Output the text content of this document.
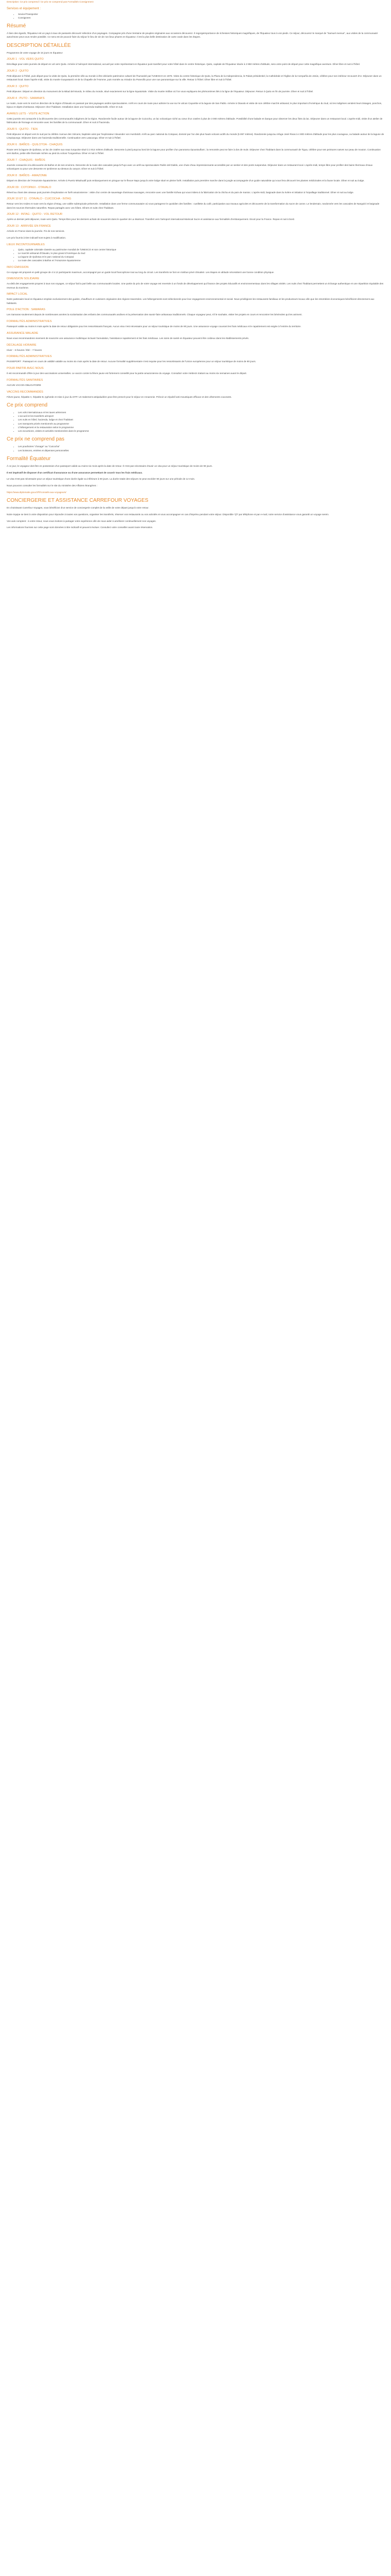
Description: Ce prix comprend / Ce prix ne comprend pas Formalités Consignment

Services et équipement :

• Sevice/Transporter
• Consignees
Résumé

À bien des égards, l'Équateur est un pays à taux de passants découvrir sélection d'un paysages. Compagnie pris d'une trentaine de peuples originaires aux occasions découvrez. Il regorgeimportance de richesses historiques magnifiques, de l'Équateur tous à vos pieds. Ce séjour, découvrez le marqué de "Samuel Avenue", aux visites de la communauté autochtone peut vous rendre possible. Ce sera est de pouvoir faire du séjour le lieu de vie de nos lieux phares en Équateur. Il est la plus belle destination de carte ovale dans les étapes.

DESCRIPTION DÉTAILLÉE

Programme de votre voyage de 15 jours en Équateur

JOUR 1 : VOL VERS QUITO

Décollage pour votre journée de départ en vol vers Quito. Arrivée à l'aéroport international, accueil par votre représentant en Équateur puis transfert pour votre hôtel dans le centre historique. Quito, capitale de l'Équateur située à 2 850 mètres d'altitude, sera votre point de départ pour cette magnifique aventure. Dîner libre et nuit à l'hôtel.

JOUR 2 : QUITO

Petit déjeuner à l'hôtel, puis départ pour la visite de Quito, la première ville au monde à être déclarée patrimoine culturel de l'humanité par l'UNESCO en 1978. Visite du centre historique de Quito, la Plaza de la Independencia, le Palais présidentiel, la Cathédrale et l'église de la Compañía de Jesús, célèbre pour son intérieur recouvert d'or. Déjeuner dans un restaurant local. Dans l'après-midi, visite du musée Guayasamín et de la Chapelle de l'Homme, puis montée au mirador du Panecillo pour une vue panoramique sur la ville. Retour à l'hôtel. Dîner libre et nuit à l'hôtel.

JOUR 3 : QUITO

Petit déjeuner. Départ en direction du monument de la Mitad del Mundo, le milieu du monde, situé exactement sur la ligne équatoriale. Visite du musée Intiñan où l'on vous expliquera les phénomènes liés à la ligne de l'équateur. Déjeuner. Retour à Quito en fin de journée. Dîner et nuit à l'hôtel.

JOUR 4 : PUTO - SAMANA'S

Le matin, route vers le nord en direction de la région d'Otavalo en passant par des paysages andins spectaculaires. Arrêt en cours de route pour admirer la vue sur le volcan Cayambe et la lagune de San Pablo. Arrivée à Otavalo et visite de son célèbre marché artisanal, le plus important d'Amérique du Sud, où les indigènes vendent leurs tissages, ponchos, bijoux et objets d'artisanat. Déjeuner chez l'habitant. Installation dans une hacienda traditionnelle. Dîner et nuit.

AVARES LETS - VISITE ACTION

Cette journée est consacrée à la découverte des communautés indigènes de la région. Randonnée facile autour de la lagune de Cuicocha, un lac volcanique niché au cœur d'un cratère à plus de 3 000 mètres d'altitude. Possibilité d'une balade en barque pour observer les deux îlots du lac. Déjeuner dans un restaurant local. L'après-midi, visite d'un atelier de fabrication de fromage et rencontre avec les familles de la communauté. Dîner et nuit à l'hacienda.

JOUR 5 : QUITO - TIEN

Petit déjeuner et départ vers le sud par la célèbre Avenue des Volcans, baptisée ainsi par l'explorateur Alexander von Humboldt. Arrêt au parc national du Cotopaxi, dominé par l'un des plus hauts volcans actifs du monde (5 897 mètres). Randonnée jusqu'au refuge José Rivas à 4 800 mètres d'altitude pour les plus courageux, ou balade autour de la lagune de Limpiopungo. Déjeuner dans une hacienda traditionnelle. Continuation vers Latacunga. Dîner et nuit à l'hôtel.

JOUR 6 : BAÑOS - QUILOTOA - CHAQUIS

Route vers la lagune de Quilotoa, un lac de cratère aux eaux turquoise situé à 3 914 mètres d'altitude. Descente à pied jusqu'au bord de la lagune pour profiter d'un panorama époustouflant ; la remontée peut se faire à dos de mule. Déjeuner chez l'habitant dans la communauté de Tigua, célèbre pour ses peintures naïves sur peau de mouton. Continuation vers Baños, petite ville thermale nichée au pied du volcan Tungurahua. Dîner et nuit à l'hôtel.

JOUR 7 : CHAQUIS - BAÑOS

Journée consacrée à la découverte de Baños et de ses environs. Descente de la route des cascades jusqu'à Puyo avec un arrêt au spectaculaire Pailón del Diablo, une chute d'eau impressionnante accessible par un sentier et des ponts suspendus. Déjeuner dans un restaurant local. L'après-midi, temps libre pour profiter des bains thermaux d'eaux volcaniques ou pour une descente en tyrolienne au-dessus du canyon. Dîner et nuit à l'hôtel.

JOUR 8 : BAÑOS - AMAZONIE

Départ en direction de l'Amazonie équatorienne. Arrivée à Puerto Misahuallí puis embarquement en pirogue sur le fleuve Napo jusqu'à votre lodge situé en pleine forêt. Installation puis première marche dans la jungle accompagnée d'un guide naturaliste qui vous fera découvrir les plantes médicinales et la faune locale. Dîner et nuit au lodge.

JOUR 09 : COTOPAXI - OTAVALO

Réveil au chant des oiseaux puis journée d'exploration en forêt amazonienne : visite d'un centre de sauvetage d'animaux sauvages, rencontre avec une famille kichwa qui vous initiera à la fabrication de la chicha et du pain de manioc. L'après-midi, baignade dans la rivière et initiation à l'orpaillage traditionnel. Dîner et nuit au lodge.

JOUR 10 ET 11 : OTAVALO - CUICOCHA - INTAG

Retour vers les Andes et route vers la région d'Intag, une vallée subtropicale préservée. Installation dans une ferme communautaire où vous partagerez le quotidien des familles : cueillette du café, participation aux travaux agricoles et découverte de la transformation du sucre de canne. Le lendemain, randonnée vers les cascades de Nangulví et baignade dans les sources thermales naturelles. Repas partagés avec vos hôtes. Dîners et nuits chez l'habitant.

JOUR 12 : INTAG - QUITO - VOL RETOUR

Après un dernier petit déjeuner, route vers Quito. Temps libre pour les derniers achats de souvenirs dans le quartier de La Mariscal. Transfert vers l'aéroport international Mariscal Sucre et assistance aux formalités d'embarquement. Envol pour la France. Repas et nuit à bord.

JOUR 13 : ARRIVÉE EN FRANCE

Arrivée en France dans la journée. Fin de nos services.

Les prix fournis à titre indicatif sont sujets à modification.

LIEUX INCONTOURNABLES
• Quito, capitale coloniale classée au patrimoine mondial de l'UNESCO et son centre historique
• Le marché artisanal d'Otavalo, le plus grand d'Amérique du Sud
• La lagune de Quilotoa et le parc national du Cotopaxi
• La route des cascades à Baños et l'Amazonie équatorienne
INFO ÉMISSION

Ce voyage est proposé en petit groupe de 4 à 12 participants maximum, accompagné par un guide local francophone tout au long du circuit. Les transferts se font en minibus privé climatisé. Les étapes en altitude nécessitent une bonne condition physique.

DIMENSION SOLIDAIRE

Au-delà des engagements propres à tous nos voyages, ce séjour fait la part belle aux communautés locales. Une partie du prix de votre voyage est reversée à un fonds de développement qui finance des projets éducatifs et environnementaux dans les villages visités. Les nuits chez l'habitant permettent un échange authentique et une répartition équitable des revenus du tourisme.

IMPACT LOCAL

Notre partenaire local en Équateur emploie exclusivement des guides, chauffeurs et cuisiniers originaires des régions traversées. Les hébergements sont sélectionnés pour leur engagement environnemental et social. Nous privilégions les restaurants familiaux et les producteurs locaux afin que les retombées économiques bénéficient directement aux habitants.

POLE D'ACTION : SAMARAS

Les Samaras soutiennent depuis de nombreuses années la scolarisation des enfants des communautés andines et la préservation des savoir-faire artisanaux traditionnels. Chaque voyageur peut, s'il le souhaite, visiter les projets en cours et rencontrer les bénévoles qui les animent.

FORMALITÉS ADMINISTRATIVES

Passeport valide au moins 6 mois après la date de retour obligatoire pour les ressortissants français. Aucun visa n'est nécessaire pour un séjour touristique de moins de 90 jours. Une assurance voyage couvrant les frais médicaux et le rapatriement est exigée à l'entrée du territoire.

ASSURANCE MALADIE

Nous vous recommandons vivement de souscrire une assurance multirisque incluant l'annulation, l'assistance rapatriement et les frais médicaux. Les soins de santé en Équateur peuvent être coûteux dans les établissements privés.

DÉCALAGE HORAIRE

Hiver : -6 heures / Été : -7 heures

FORMALITÉS ADMINISTRATIVES

PASSEPORT : Passeport en cours de validité valable au moins six mois après la date de retour. Aucune formalité supplémentaire n'est requise pour les ressortissants de l'Union européenne pour un séjour touristique de moins de 90 jours.

POUR PARTIR AVEC NOUS

Il est recommandé d'être à jour des vaccinations universelles. Le vaccin contre la fièvre jaune est fortement conseillé pour la partie amazonienne du voyage. Consultez votre médecin traitant au moins six semaines avant le départ.

FORMALITÉS SANITAIRES

AUCUN VACCIN OBLIGATOIRE

VACCINS RECOMMANDÉS

Fièvre jaune, hépatite A, hépatite B, typhoïde et mise à jour du DTP. Un traitement antipaludéen peut être prescrit pour le séjour en Amazonie. Prévoir un répulsif anti-moustiques efficace et des vêtements couvrants.

Ce prix comprend
• Les vols internationaux et les taxes aériennes
• L'accueil et les transferts aéroport
• Les nuits en hôtel, hacienda, lodge et chez l'habitant
• Les transports privés mentionnés au programme
• L'hébergement et la restauration selon le programme
• Les excursions, visites et activités mentionnées dans le programme
Ce prix ne comprend pas
• Les pourboires "d'usage" au "Cuicocha"
• Les boissons, entrées et dépenses personnelles
Formalité Équateur

À ce jour, le voyageur doit être en possession d'un passeport valide au moins six mois après la date de retour. Il n'est pas nécessaire d'avoir un visa pour un séjour touristique de moins de 90 jours.

Il est impératif de disposer d'un certificat d'assurance ou d'une assurance permettant de couvrir tous les frais médicaux.

Le visa n'est pas nécessaire pour un séjour touristique d'une durée égale ou inférieure à 90 jours. La durée totale des séjours ne peut excéder 90 jours sur une période de 12 mois.

Nous pouvons consulter les formalités sur le site du ministère des Affaires étrangères :

https://www.diplomatie.gouv.fr/fr/conseils-aux-voyageurs/

CONCIERGERIE ET ASSISTANCE CARREFOUR VOYAGES

En choisissant Carrefour Voyages, vous bénéficiez d'un service de conciergerie complet de la veille de votre départ jusqu'à votre retour.

Notre équipe se tient à votre disposition pour répondre à toutes vos questions, organiser les transferts, réserver vos restaurants ou vos activités et vous accompagner en cas d'imprévu pendant votre séjour. Disponible 7j/7 par téléphone et par e-mail, notre service d'assistance vous garantit un voyage serein.

Vos avis comptent : à votre retour, nous vous invitons à partager votre expérience afin de nous aider à améliorer continuellement nos voyages.

Les informations fournies sur cette page sont données à titre indicatif et peuvent évoluer. Consultez votre conseiller avant toute réservation.
